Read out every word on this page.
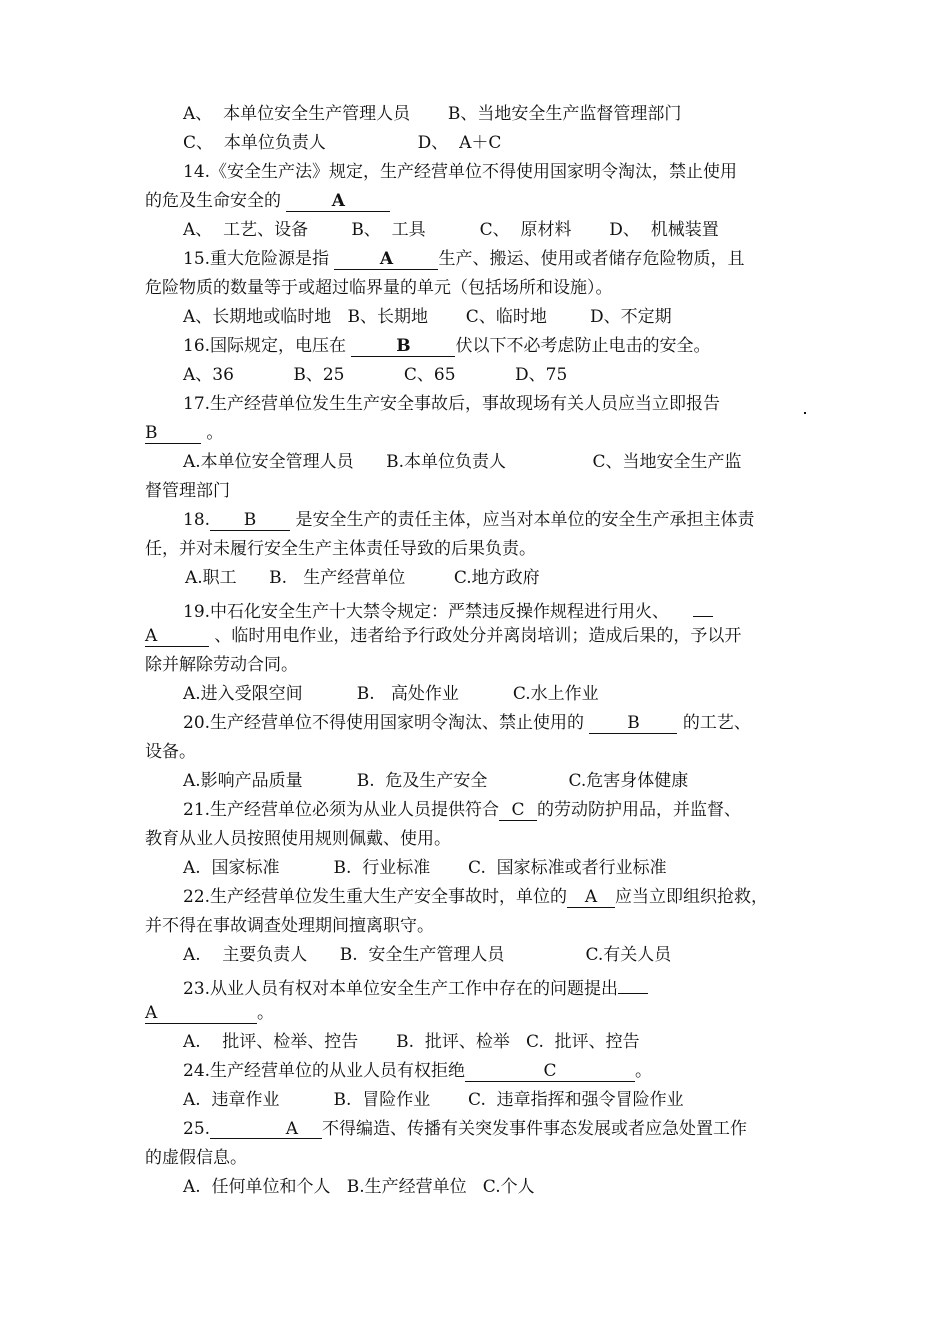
A、  本单位安全生产管理人员       B、当地安全生产监督管理部门
C、  本单位负责人                 D、  A＋C
14.《安全生产法》规定，生产经营单位不得使用国家明令淘汰，禁止使用
的危及生命安全的	A
A、  工艺、设备        B、  工具          C、  原材料       D、  机械装置
15.重大危险源是指	A	生产、搬运、使用或者储存危险物质，且
危险物质的数量等于或超过临界量的单元（包括场所和设施）。
A、长期地或临时地   B、长期地       C、临时地        D、不定期
16.国际规定，电压在	B	伏以下不必考虑防止电击的安全。
A、36           B、25           C、65           D、75
17.生产经营单位发生生产安全事故后，事故现场有关人员应当立即报告
B	。
A.本单位安全管理人员      B.本单位负责人                C、当地安全生产监
督管理部门
18. B 是安全生产的责任主体，应当对本单位的安全生产承担主体责
任，并对未履行安全生产主体责任导致的后果负责。
A.职工      B.   生产经营单位         C.地方政府
19.中石化安全生产十大禁令规定：严禁违反操作规程进行用火、
A	、临时用电作业，违者给予行政处分并离岗培训；造成后果的，予以开
除并解除劳动合同。
A.进入受限空间          B.   高处作业          C.水上作业
20.生产经营单位不得使用国家明令淘汰、禁止使用的 B 的工艺、
设备。
A.影响产品质量          B.  危及生产安全               C.危害身体健康
21.生产经营单位必须为从业人员提供符合 C 的劳动防护用品，并监督、
教育从业人员按照使用规则佩戴、使用。
A.  国家标准          B.  行业标准       C.  国家标准或者行业标准
22.生产经营单位发生重大生产安全事故时，单位的 A 应当立即组织抢救，
并不得在事故调查处理期间擅离职守。
A.    主要负责人      B.  安全生产管理人员               C.有关人员
23.从业人员有权对本单位安全生产工作中存在的问题提出
A	。
A.    批评、检举、控告       B.  批评、检举   C.  批评、控告
24.生产经营单位的从业人员有权拒绝	C	。
A.  违章作业          B.  冒险作业       C.  违章指挥和强令冒险作业
25.	A 不得编造、传播有关突发事件事态发展或者应急处置工作
的虚假信息。
A.  任何单位和个人   B.生产经营单位   C.个人
